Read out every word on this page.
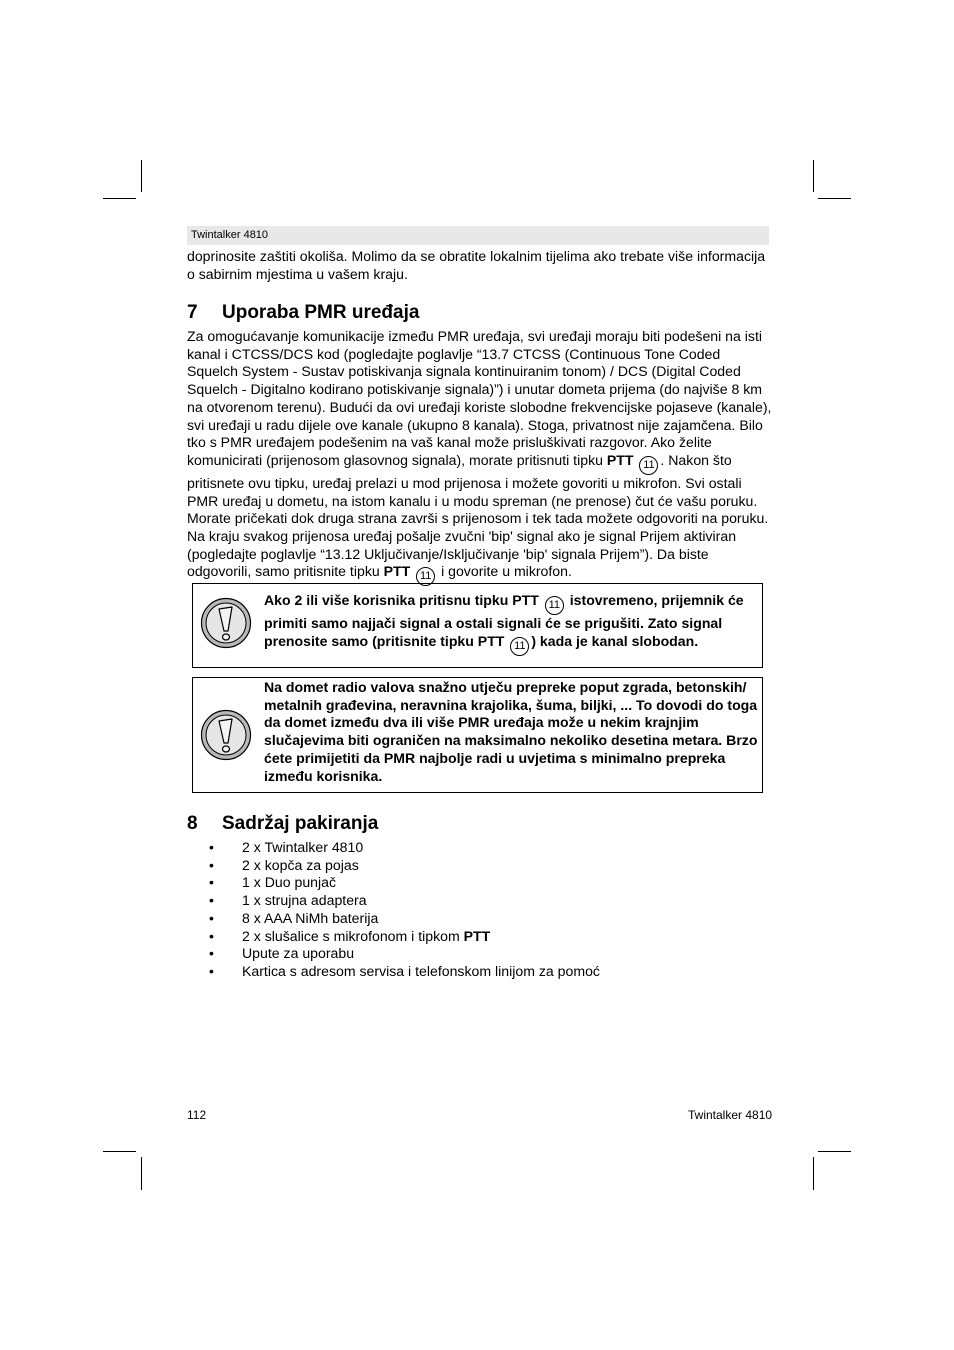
Twintalker 4810

doprinosite zaštiti okoliša. Molimo da se obratite lokalnim tijelima ako trebate više informacija o sabirnim mjestima u vašem kraju.

7 Uporaba PMR uređaja

Za omogućavanje komunikacije između PMR uređaja, svi uređaji moraju biti podešeni na isti kanal i CTCSS/DCS kod (pogledajte poglavlje “13.7 CTCSS (Continuous Tone Coded Squelch System - Sustav potiskivanja signala kontinuiranim tonom) / DCS (Digital Coded Squelch - Digitalno kodirano potiskivanje signala)”) i unutar dometa prijema (do najviše 8 km na otvorenom terenu). Budući da ovi uređaji koriste slobodne frekvencijske pojaseve (kanale), svi uređaji u radu dijele ove kanale (ukupno 8 kanala). Stoga, privatnost nije zajamčena. Bilo tko s PMR uređajem podešenim na vaš kanal može prisluškivati razgovor. Ako želite komunicirati (prijenosom glasovnog signala), morate pritisnuti tipku PTT 11 . Nakon što pritisnete ovu tipku, uređaj prelazi u mod prijenosa i možete govoriti u mikrofon. Svi ostali PMR uređaj u dometu, na istom kanalu i u modu spreman (ne prenose) čut će vašu poruku. Morate pričekati dok druga strana završi s prijenosom i tek tada možete odgovoriti na poruku. Na kraju svakog prijenosa uređaj pošalje zvučni 'bip' signal ako je signal Prijem aktiviran (pogledajte poglavlje “13.12 Uključivanje/Isključivanje 'bip' signala Prijem”). Da biste odgovorili, samo pritisnite tipku PTT 11 i govorite u mikrofon.

Ako 2 ili više korisnika pritisnu tipku PTT 11 istovremeno, prijemnik će primiti samo najjači signal a ostali signali će se prigušiti. Zato signal prenosite samo (pritisnite tipku PTT 11 ) kada je kanal slobodan.

Na domet radio valova snažno utječu prepreke poput zgrada, betonskih/ metalnih građevina, neravnina krajolika, šuma, biljki, ... To dovodi do toga da domet između dva ili više PMR uređaja može u nekim krajnjim slučajevima biti ograničen na maksimalno nekoliko desetina metara. Brzo ćete primijetiti da PMR najbolje radi u uvjetima s minimalno prepreka između korisnika.

8 Sadržaj pakiranja
• 2 x Twintalker 4810
• 2 x kopča za pojas
• 1 x Duo punjač
• 1 x strujna adaptera
• 8 x AAA NiMh baterija
• 2 x slušalice s mikrofonom i tipkom PTT
• Upute za uporabu
• Kartica s adresom servisa i telefonskom linijom za pomoć
112	Twintalker 4810
